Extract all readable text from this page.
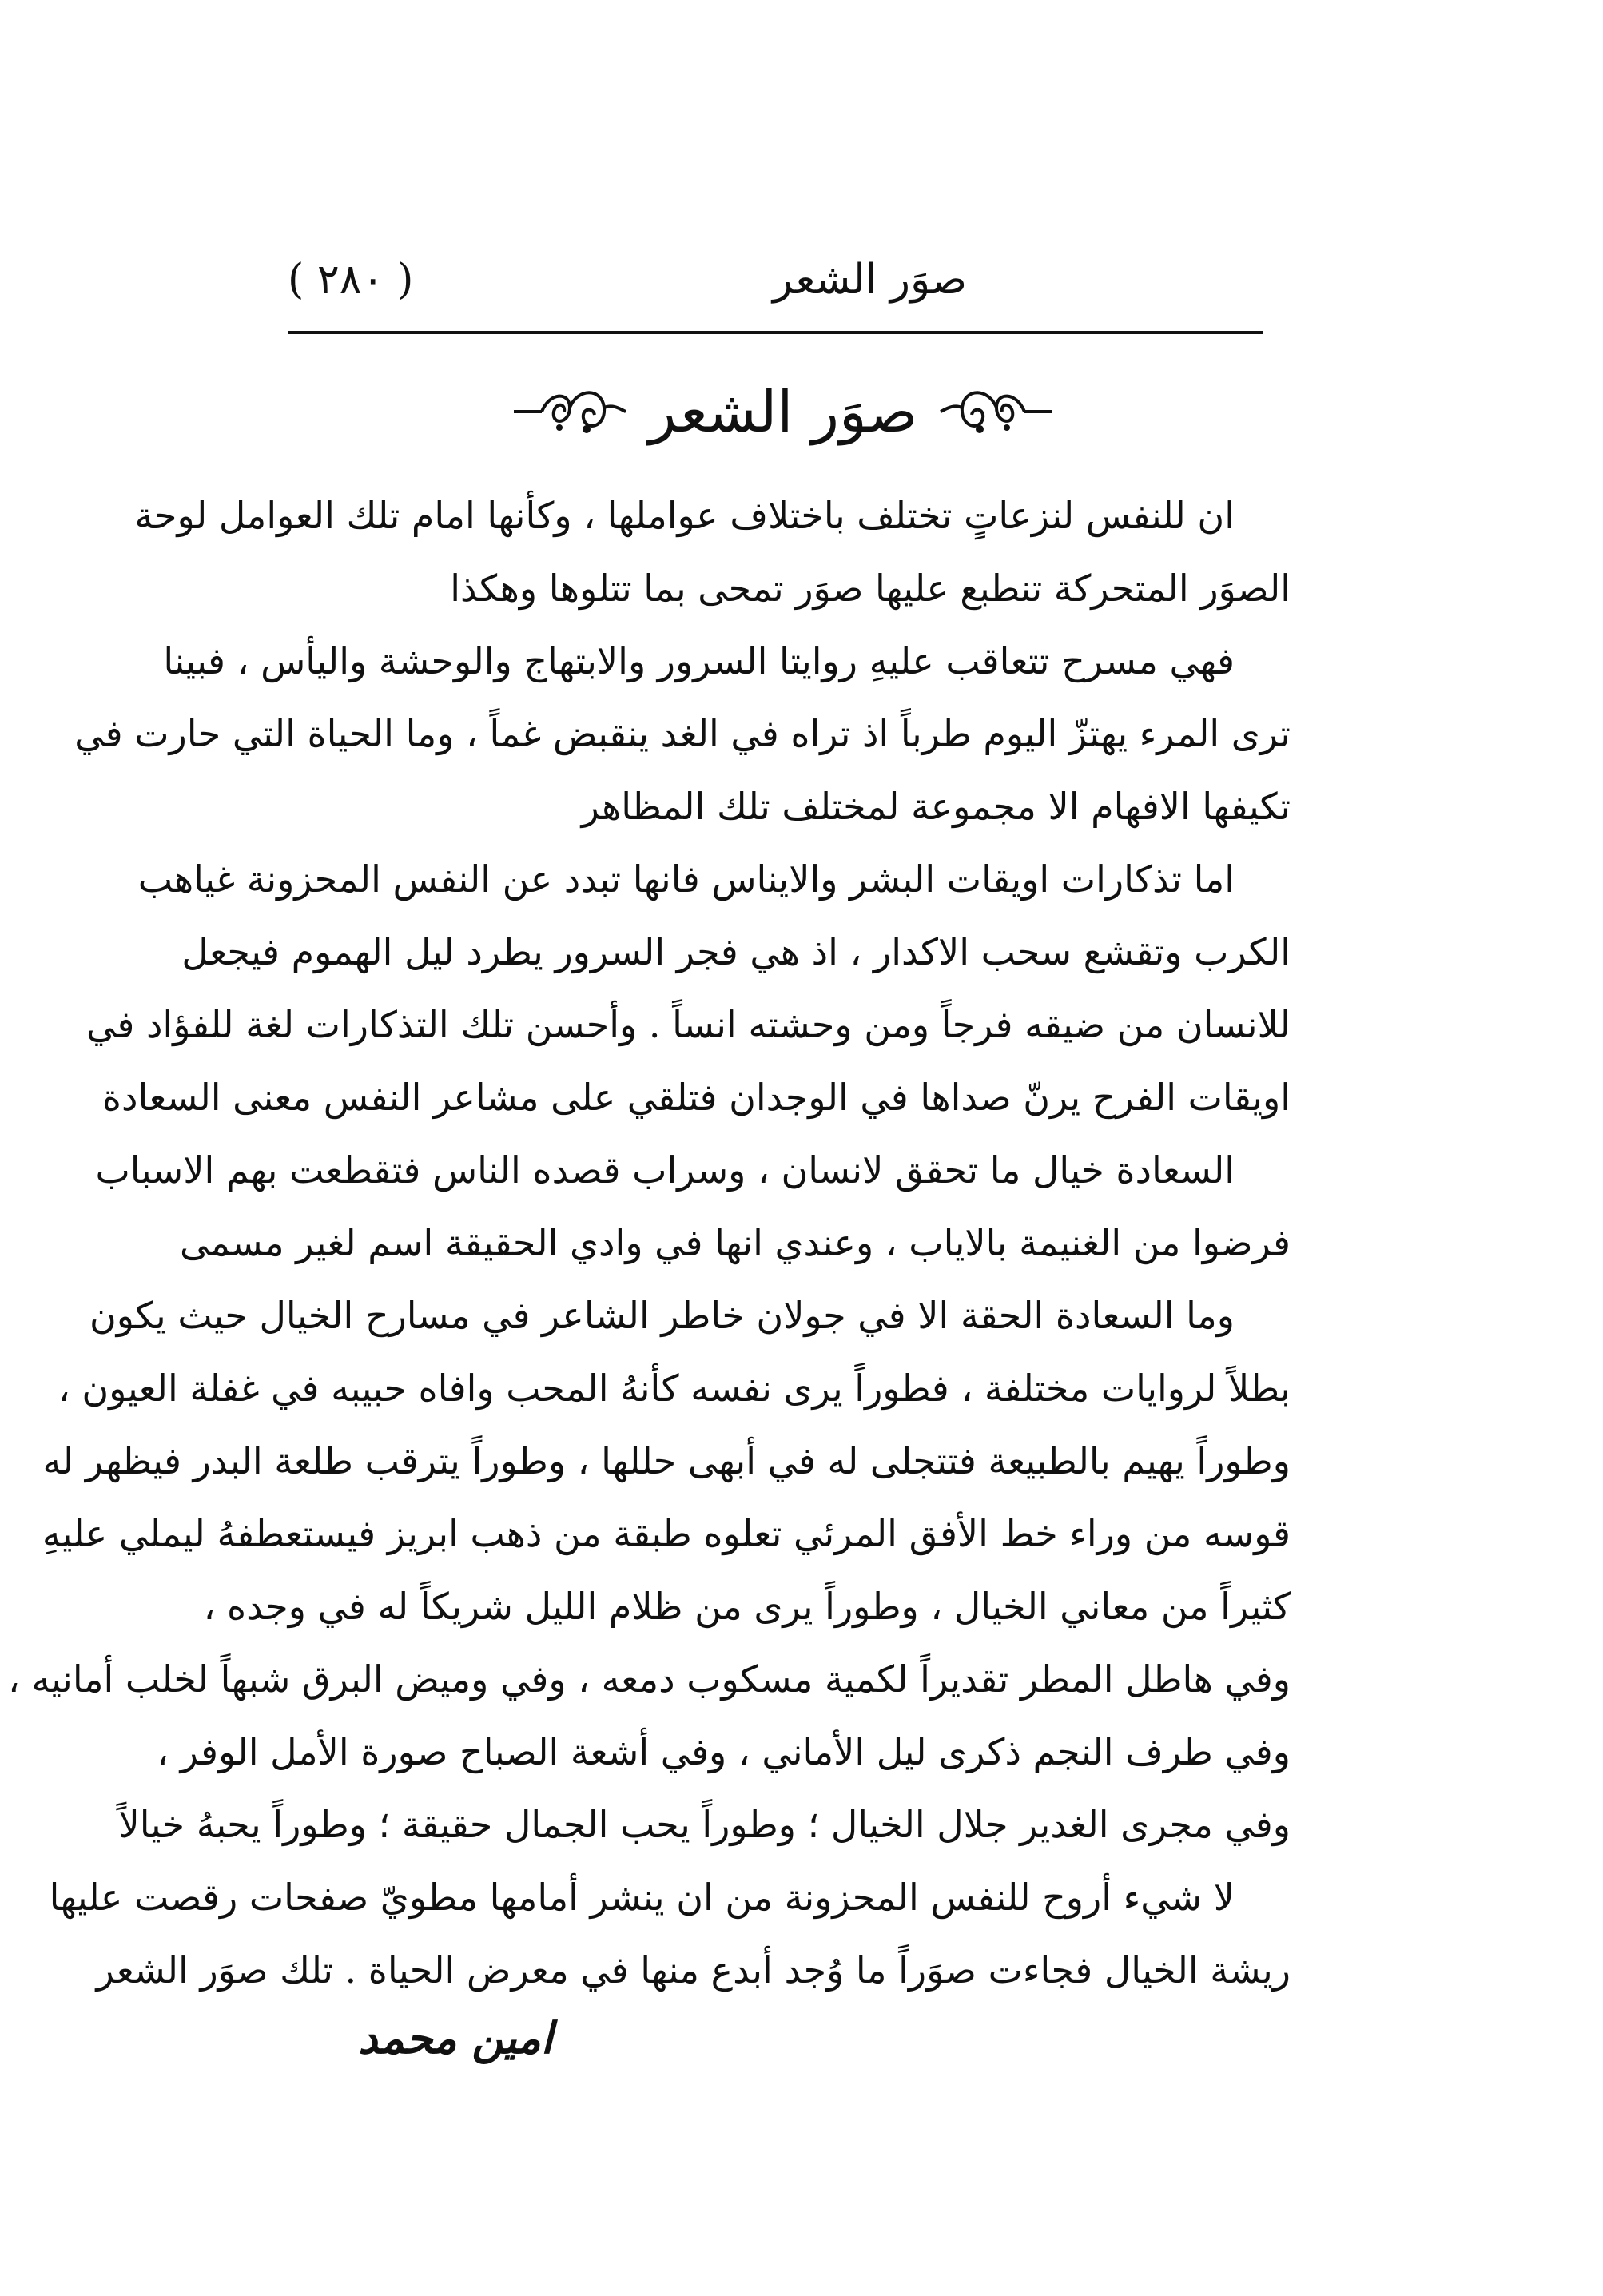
( ٢٨٠ )	صوَر الشعر
صوَر الشعر
ان للنفس لنزعاتٍ تختلف باختلاف عواملها ، وكأنها امام تلك العوامل لوحة
الصوَر المتحركة تنطبع عليها صوَر تمحى بما تتلوها وهكذا
فهي مسرح تتعاقب عليهِ روايتا السرور والابتهاج والوحشة واليأس ، فبينا
ترى المرء يهتزّ اليوم طرباً اذ تراه في الغد ينقبض غماً ، وما الحياة التي حارت في
تكيفها الافهام الا مجموعة لمختلف تلك المظاهر
اما تذكارات اويقات البشر والايناس فانها تبدد عن النفس المحزونة غياهب
الكرب وتقشع سحب الاكدار ، اذ هي فجر السرور يطرد ليل الهموم فيجعل
للانسان من ضيقه فرجاً ومن وحشته انساً . وأحسن تلك التذكارات لغة للفؤاد في
اويقات الفرح يرنّ صداها في الوجدان فتلقي على مشاعر النفس معنى السعادة
السعادة خيال ما تحقق لانسان ، وسراب قصده الناس فتقطعت بهم الاسباب
فرضوا من الغنيمة بالاياب ، وعندي انها في وادي الحقيقة اسم لغير مسمى
وما السعادة الحقة الا في جولان خاطر الشاعر في مسارح الخيال حيث يكون
بطلاً لروايات مختلفة ، فطوراً يرى نفسه كأنهُ المحب وافاه حبيبه في غفلة العيون ،
وطوراً يهيم بالطبيعة فتتجلى له في أبهى حللها ، وطوراً يترقب طلعة البدر فيظهر له
قوسه من وراء خط الأفق المرئي تعلوه طبقة من ذهب ابريز فيستعطفهُ ليملي عليهِ
كثيراً من معاني الخيال ، وطوراً يرى من ظلام الليل شريكاً له في وجده ،
وفي هاطل المطر تقديراً لكمية مسكوب دمعه ، وفي وميض البرق شبهاً لخلب أمانيه ،
وفي طرف النجم ذكرى ليل الأماني ، وفي أشعة الصباح صورة الأمل الوفر ،
وفي مجرى الغدير جلال الخيال ؛ وطوراً يحب الجمال حقيقة ؛ وطوراً يحبهُ خيالاً
لا شيء أروح للنفس المحزونة من ان ينشر أمامها مطويّ صفحات رقصت عليها
ريشة الخيال فجاءت صوَراً ما وُجد أبدع منها في معرض الحياة . تلك صوَر الشعر
امين محمد
